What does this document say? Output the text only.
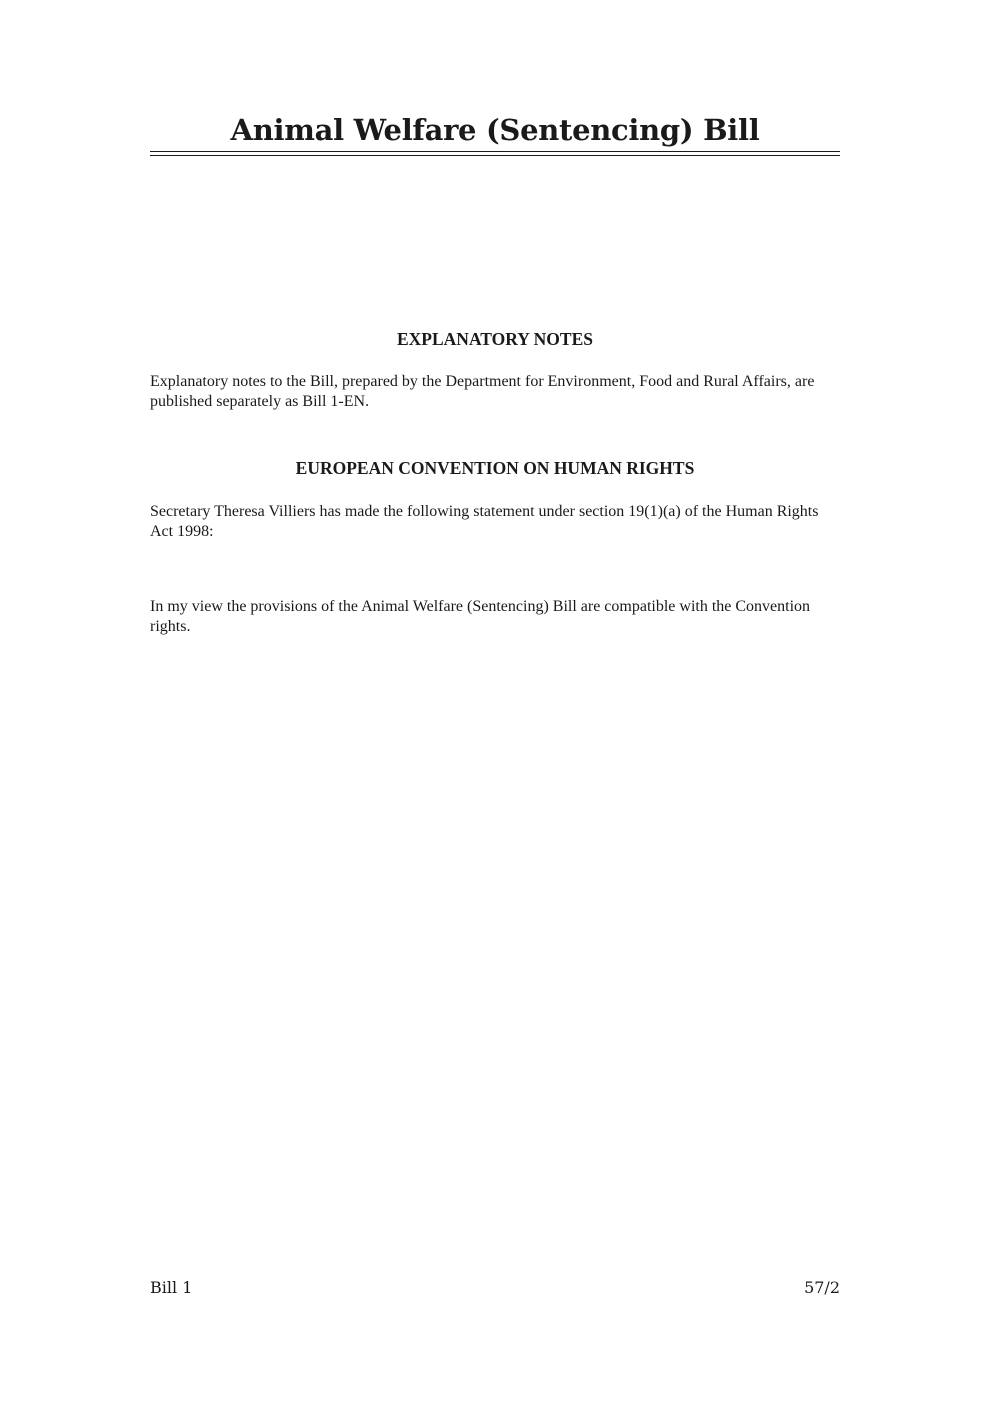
Animal Welfare (Sentencing) Bill
EXPLANATORY NOTES

Explanatory notes to the Bill, prepared by the Department for Environment, Food and Rural Affairs, are published separately as Bill 1-EN.

EUROPEAN CONVENTION ON HUMAN RIGHTS

Secretary Theresa Villiers has made the following statement under section 19(1)(a) of the Human Rights Act 1998:

In my view the provisions of the Animal Welfare (Sentencing) Bill are compatible with the Convention rights.

Bill 1	57/2
